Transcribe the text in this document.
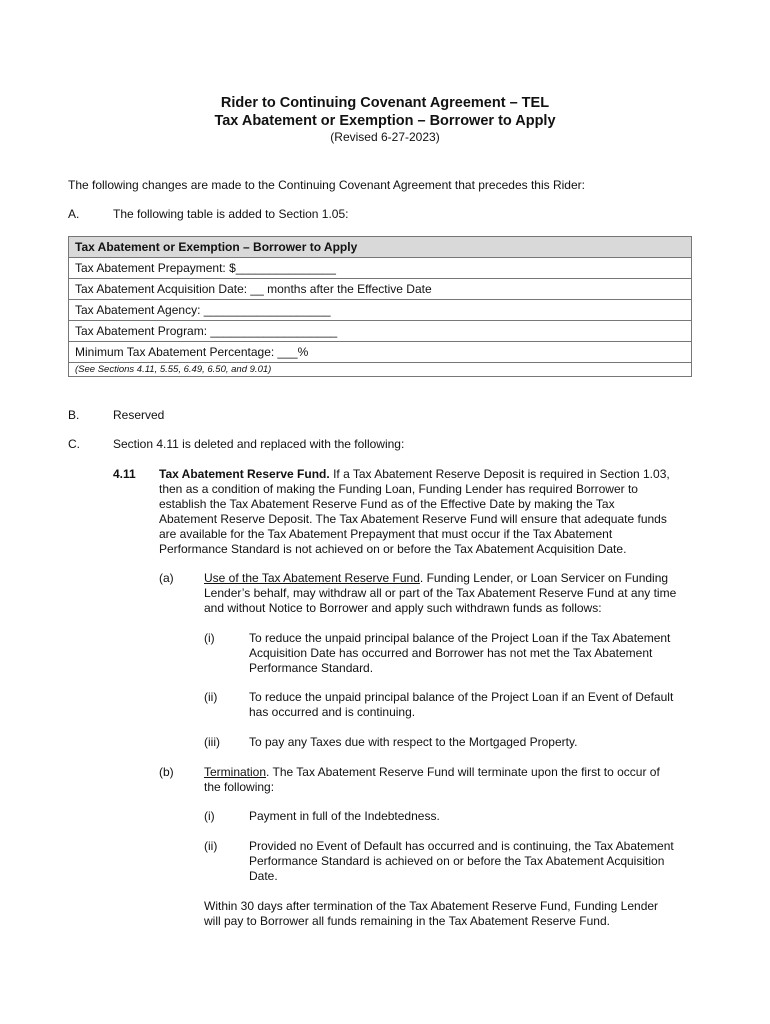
Rider to Continuing Covenant Agreement – TEL
Tax Abatement or Exemption – Borrower to Apply
(Revised 6-27-2023)
The following changes are made to the Continuing Covenant Agreement that precedes this Rider:
A.	The following table is added to Section 1.05:
Tax Abatement or Exemption – Borrower to Apply
Tax Abatement Prepayment: $_______________
Tax Abatement Acquisition Date: __ months after the Effective Date
Tax Abatement Agency: ___________________
Tax Abatement Program: ___________________
Minimum Tax Abatement Percentage: ___%
(See Sections 4.11, 5.55, 6.49, 6.50, and 9.01)
B.	Reserved
C.	Section 4.11 is deleted and replaced with the following:
4.11 Tax Abatement Reserve Fund. If a Tax Abatement Reserve Deposit is required in Section 1.03,
then as a condition of making the Funding Loan, Funding Lender has required Borrower to
establish the Tax Abatement Reserve Fund as of the Effective Date by making the Tax
Abatement Reserve Deposit. The Tax Abatement Reserve Fund will ensure that adequate funds
are available for the Tax Abatement Prepayment that must occur if the Tax Abatement
Performance Standard is not achieved on or before the Tax Abatement Acquisition Date.
(a)	Use of the Tax Abatement Reserve Fund. Funding Lender, or Loan Servicer on Funding
Lender’s behalf, may withdraw all or part of the Tax Abatement Reserve Fund at any time
and without Notice to Borrower and apply such withdrawn funds as follows:
(i)	To reduce the unpaid principal balance of the Project Loan if the Tax Abatement
Acquisition Date has occurred and Borrower has not met the Tax Abatement
Performance Standard.
(ii)	To reduce the unpaid principal balance of the Project Loan if an Event of Default
has occurred and is continuing.
(iii) To pay any Taxes due with respect to the Mortgaged Property.
(b)	Termination. The Tax Abatement Reserve Fund will terminate upon the first to occur of
the following:
(i)	Payment in full of the Indebtedness.
(ii)	Provided no Event of Default has occurred and is continuing, the Tax Abatement
Performance Standard is achieved on or before the Tax Abatement Acquisition
Date.
Within 30 days after termination of the Tax Abatement Reserve Fund, Funding Lender
will pay to Borrower all funds remaining in the Tax Abatement Reserve Fund.
